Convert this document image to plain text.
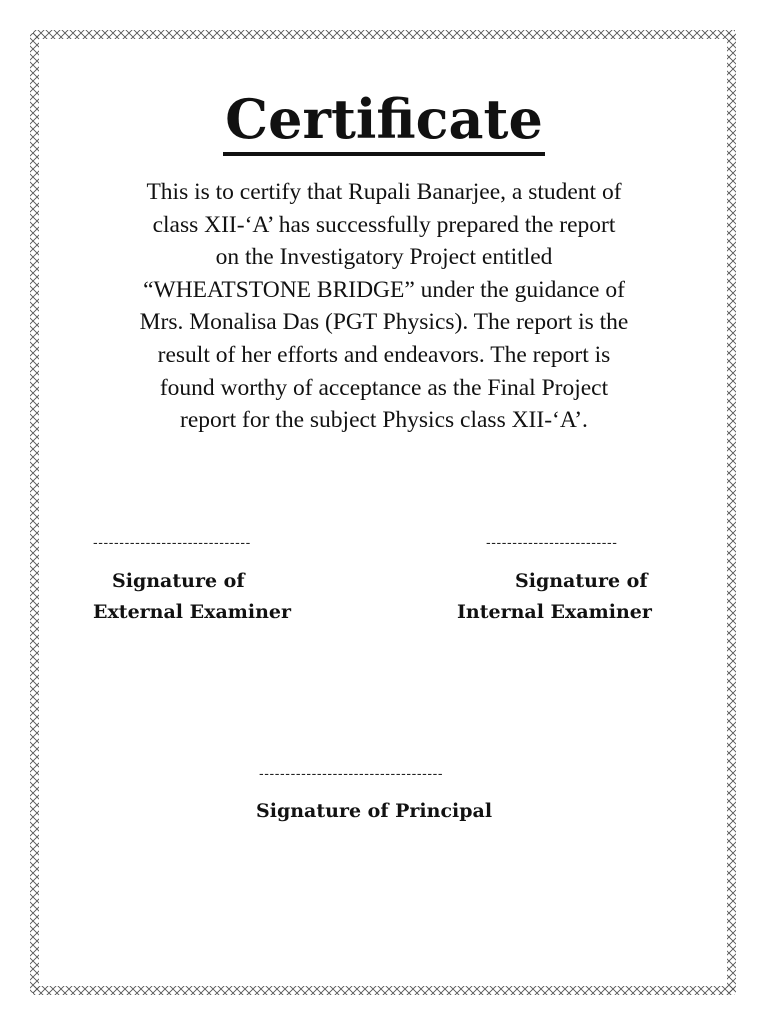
Certificate
This is to certify that Rupali Banarjee, a student of
class XII-‘A’ has successfully prepared the report
on the Investigatory Project entitled
“WHEATSTONE BRIDGE” under the guidance of
Mrs. Monalisa Das (PGT Physics). The report is the
result of her efforts and endeavors. The report is
found worthy of acceptance as the Final Project
report for the subject Physics class XII-‘A’.
------------------------------
Signature of
External Examiner
-------------------------
Signature of
Internal Examiner
-----------------------------------
Signature of Principal
